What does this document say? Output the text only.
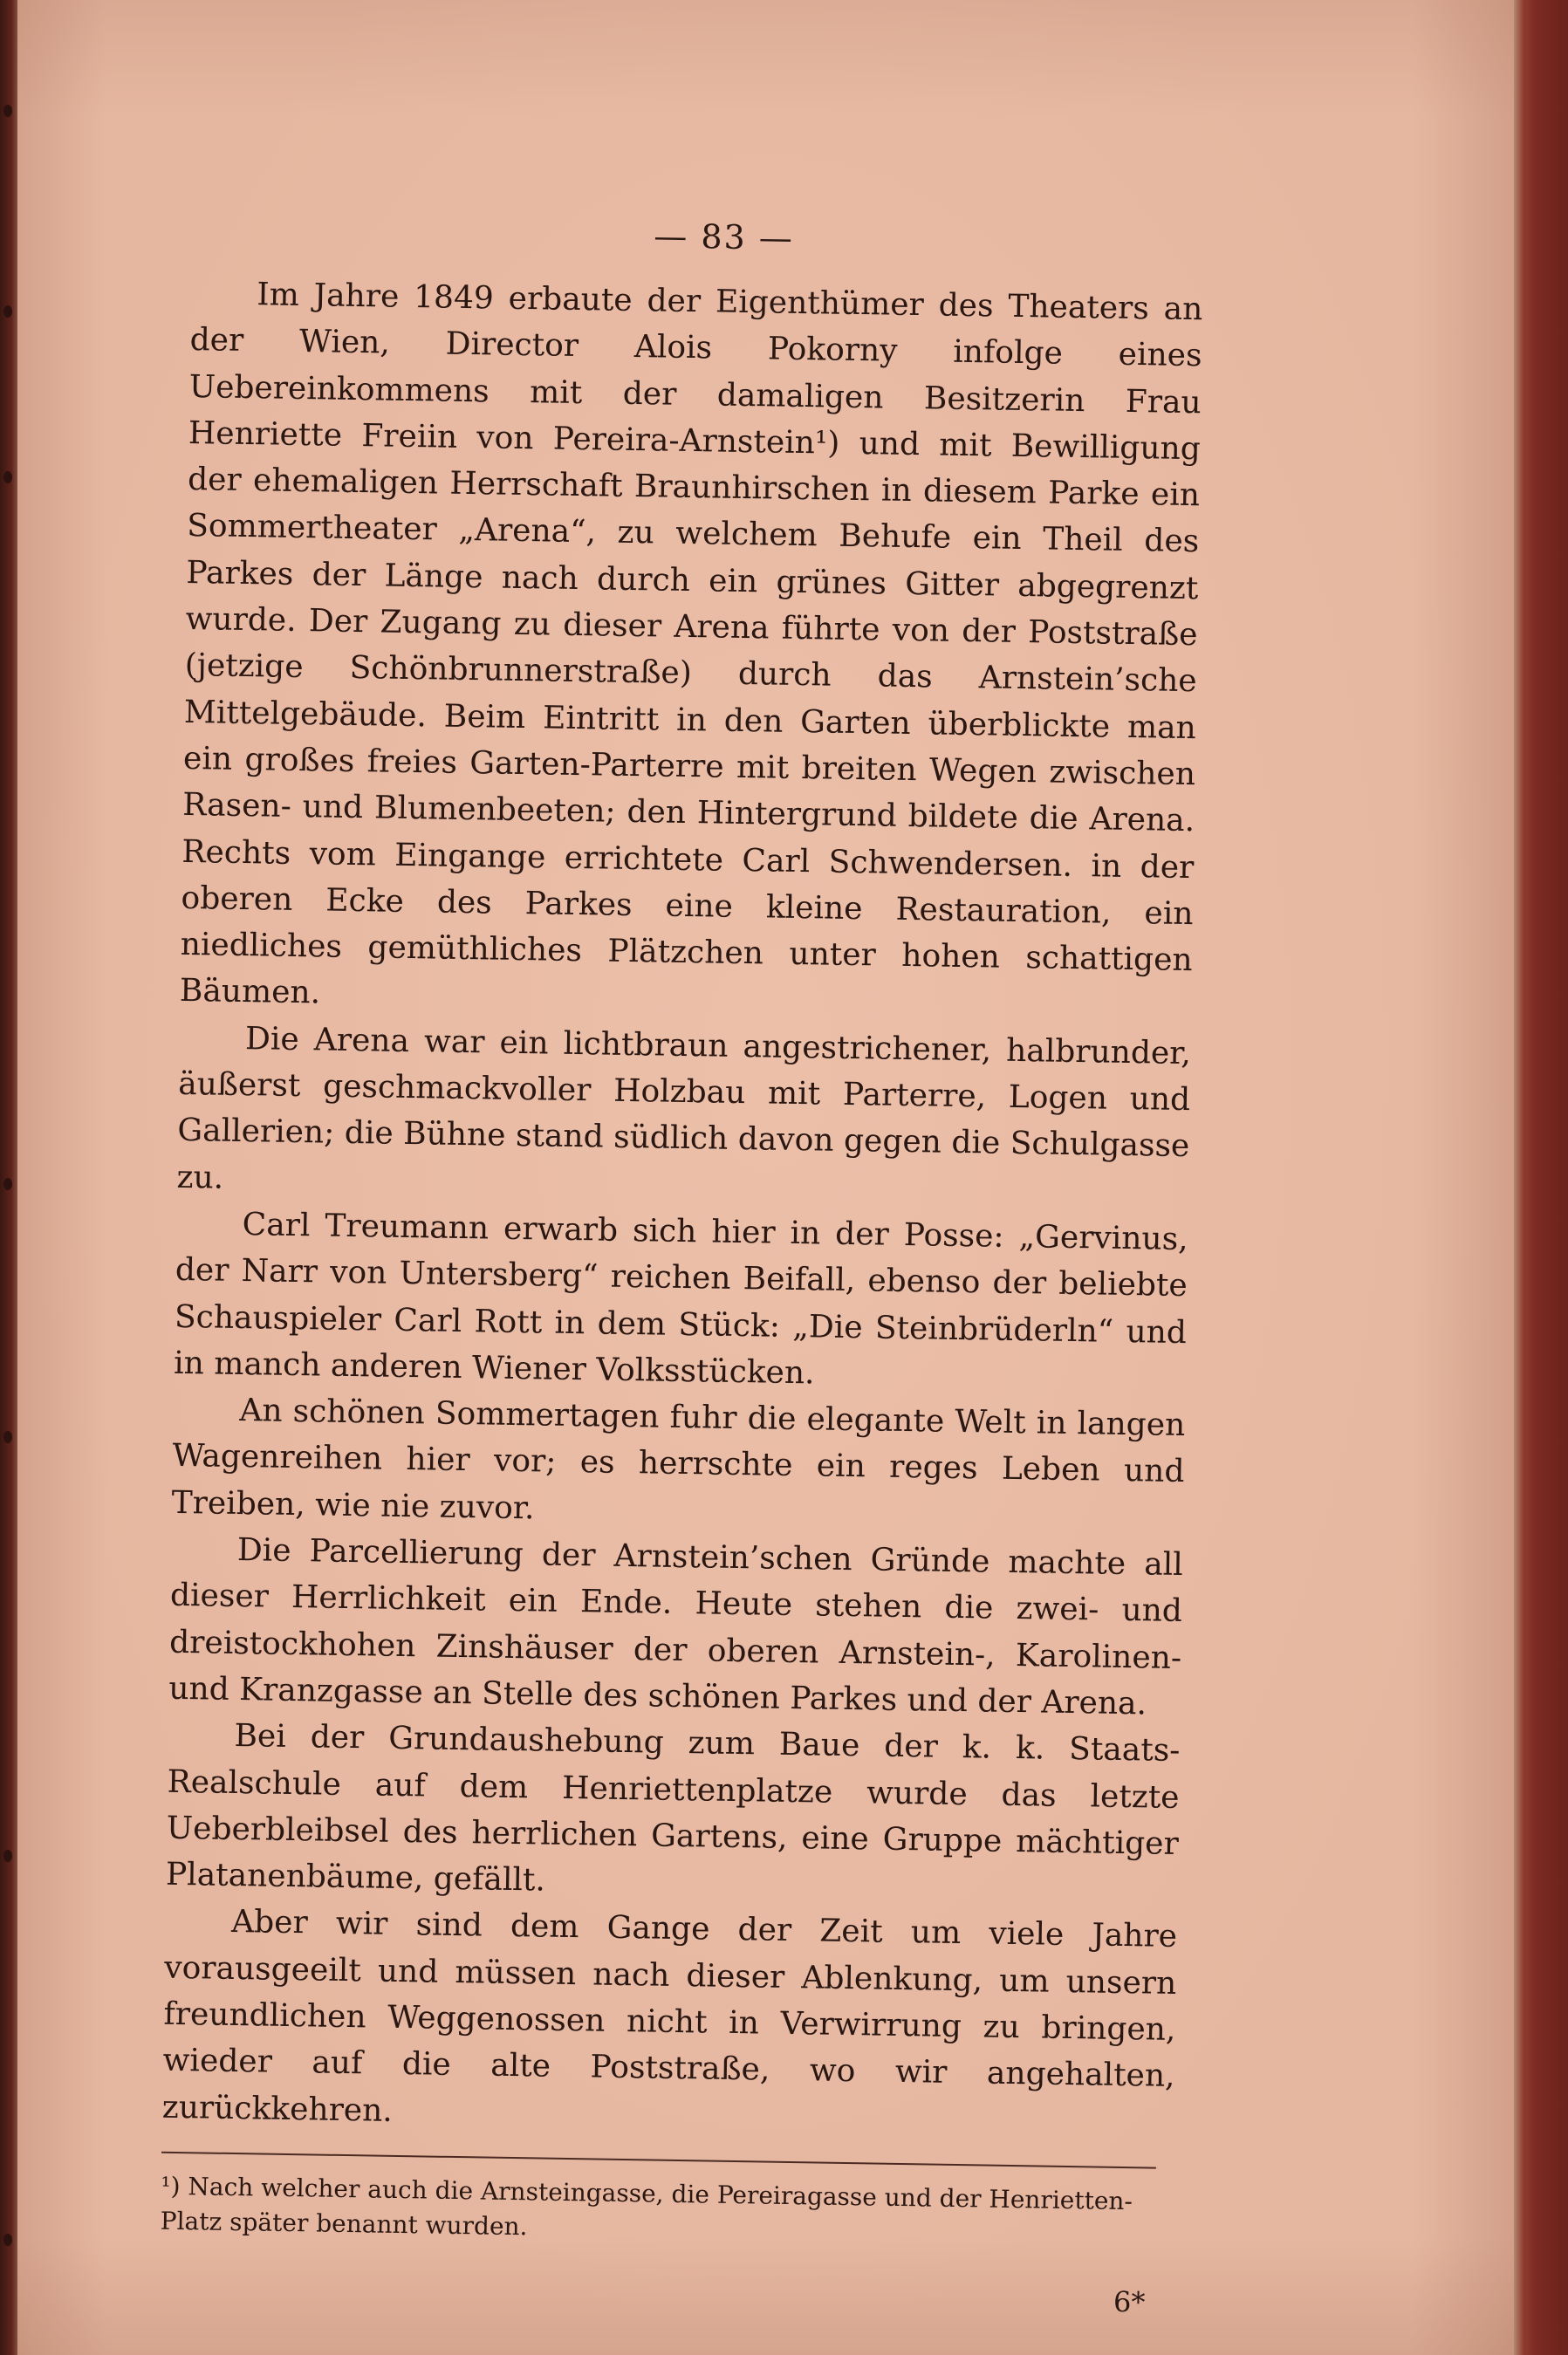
— 83 —

Im Jahre 1849 erbaute der Eigenthümer des Theaters an der Wien, Director Alois Pokorny infolge eines Uebereinkommens mit der damaligen Besitzerin Frau Henriette Freiin von Pereira-Arnstein¹) und mit Bewilligung der ehemaligen Herrschaft Braunhirschen in diesem Parke ein Sommertheater „Arena“, zu welchem Behufe ein Theil des Parkes der Länge nach durch ein grünes Gitter abgegrenzt wurde. Der Zugang zu dieser Arena führte von der Poststraße (jetzige Schönbrunnerstraße) durch das Arnstein’sche Mittelgebäude. Beim Eintritt in den Garten überblickte man ein großes freies Garten-Parterre mit breiten Wegen zwischen Rasen- und Blumenbeeten; den Hintergrund bildete die Arena. Rechts vom Eingange errichtete Carl Schwendersen. in der oberen Ecke des Parkes eine kleine Restauration, ein niedliches gemüthliches Plätzchen unter hohen schattigen Bäumen.

Die Arena war ein lichtbraun angestrichener, halbrunder, äußerst geschmackvoller Holzbau mit Parterre, Logen und Gallerien; die Bühne stand südlich davon gegen die Schulgasse zu.

Carl Treumann erwarb sich hier in der Posse: „Gervinus, der Narr von Untersberg“ reichen Beifall, ebenso der beliebte Schauspieler Carl Rott in dem Stück: „Die Steinbrüderln“ und in manch anderen Wiener Volksstücken.

An schönen Sommertagen fuhr die elegante Welt in langen Wagenreihen hier vor; es herrschte ein reges Leben und Treiben, wie nie zuvor.

Die Parcellierung der Arnstein’schen Gründe machte all dieser Herrlichkeit ein Ende. Heute stehen die zwei- und dreistockhohen Zinshäuser der oberen Arnstein-, Karolinen- und Kranzgasse an Stelle des schönen Parkes und der Arena.

Bei der Grundaushebung zum Baue der k. k. Staats-Realschule auf dem Henriettenplatze wurde das letzte Ueberbleibsel des herrlichen Gartens, eine Gruppe mächtiger Platanenbäume, gefällt.

Aber wir sind dem Gange der Zeit um viele Jahre vorausgeeilt und müssen nach dieser Ablenkung, um unsern freundlichen Weggenossen nicht in Verwirrung zu bringen, wieder auf die alte Poststraße, wo wir angehalten, zurückkehren.

¹) Nach welcher auch die Arnsteingasse, die Pereiragasse und der Henrietten-Platz später benannt wurden.

6*
